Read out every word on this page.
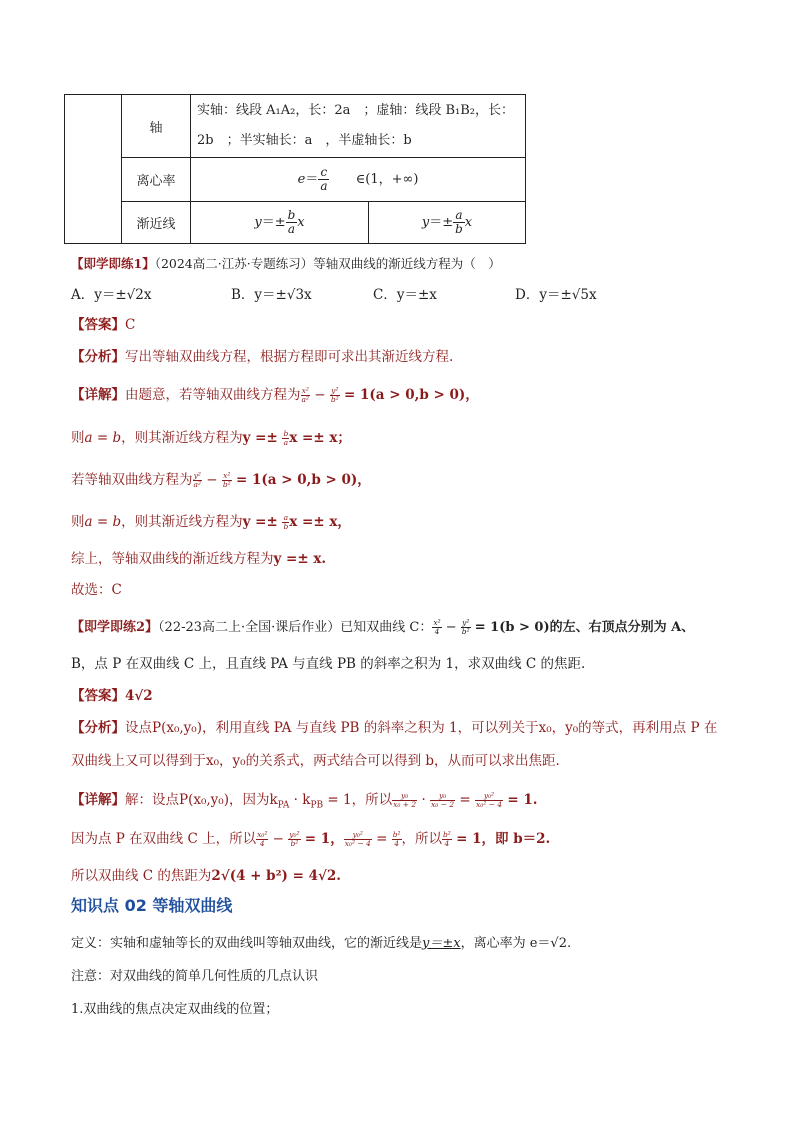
	轴	实轴：线段 A₁A₂，长：2a　；虚轴：线段 B₁B₂，长：
2b　；半实轴长：a　，半虚轴长：b	

	离心率	$e= \frac{c}{a}$ ∈(1，+∞)	
	渐近线	$y=\pm \frac{b}{a}$ x	$y=\pm \frac{a}{b}$ x
【即学即练1】（2024高二·江苏·专题练习）等轴双曲线的渐近线方程为（　）
A．y＝±√2x	B．y＝±√3x	C．y＝±x	D．y＝±√5x
【答案】C
【分析】写出等轴双曲线方程，根据方程即可求出其渐近线方程.
【详解】由题意，若等轴双曲线方程为 $\frac{\text{x²}}{\text{a²}} - \frac{\text{y²}}{\text{b²}} = 1(a > 0,b > 0)$，
则a = b，则其渐近线方程为$y =\pm \frac{b}{a}$ x =± x；
若等轴双曲线方程为 $\frac{\text{y²}}{\text{a²}} - \frac{\text{x²}}{\text{b²}} = 1(a > 0,b > 0)$，
则a = b，则其渐近线方程为$y =\pm \frac{a}{b}$ x =± x，
综上，等轴双曲线的渐近线方程为y =± x.
故选：C
【即学即练2】（22-23高二上·全国·课后作业）已知双曲线 C： $\frac{\text{x²}}{4} - \frac{\text{y²}}{\text{b²}} = 1(b > 0)$的左、右顶点分别为 A、
B，点 P 在双曲线 C 上，且直线 PA 与直线 PB 的斜率之积为 1，求双曲线 C 的焦距.
【答案】4√2
【分析】设点P(x₀,y₀)，利用直线 PA 与直线 PB 的斜率之积为 1，可以列关于x₀，y₀的等式，再利用点 P 在
双曲线上又可以得到于x₀，y₀的关系式，两式结合可以得到 b，从而可以求出焦距.
【详解】解：设点P(x₀,y₀)，因为$k_{PA} \cdot k_{PB} = 1$，所以 $\frac{\text{y₀}}{\text{x₀ + 2}} \cdot \frac{\text{y₀}}{\text{x₀ − 2}} = \frac{\text{y₀²}}{\text{x₀² − 4}} = 1$.
因为点 P 在双曲线 C 上，所以 $\frac{\text{x₀²}}{4} - \frac{\text{y₀²}}{\text{b²}} = 1$， $\frac{\text{y₀²}}{\text{x₀² − 4}} = \frac{\text{b²}}{4}$ ，所以 $\frac{\text{b²}}{4} = 1$，即 b＝2.
所以双曲线 C 的焦距为2√(4 + b²) = 4√2.
知识点 02 等轴双曲线
定义：实轴和虚轴等长的双曲线叫等轴双曲线，它的渐近线是y＝±x，离心率为 e＝√2.
注意：对双曲线的简单几何性质的几点认识
1.双曲线的焦点决定双曲线的位置；
